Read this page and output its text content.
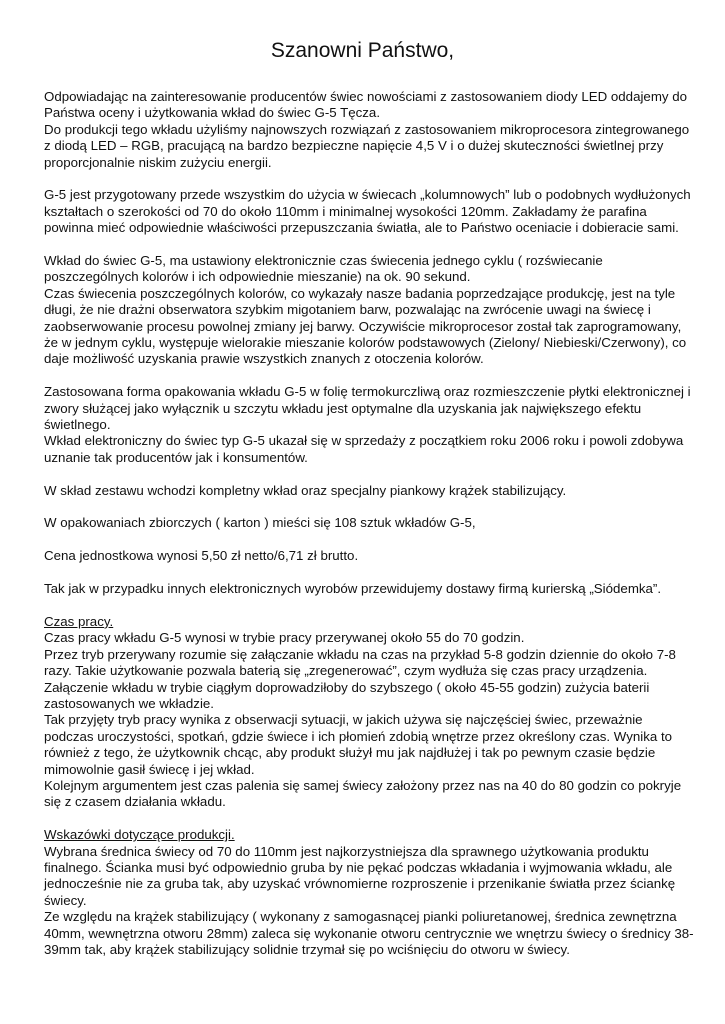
Szanowni Państwo,

Odpowiadając na zainteresowanie producentów świec nowościami z zastosowaniem diody LED oddajemy do Państwa oceny i użytkowania wkład do świec G-5 Tęcza.
Do produkcji tego wkładu użyliśmy najnowszych rozwiązań z zastosowaniem mikroprocesora zintegrowanego z diodą LED – RGB, pracującą na bardzo bezpieczne napięcie 4,5 V i o dużej skuteczności świetlnej przy proporcjonalnie niskim zużyciu energii.

G-5 jest przygotowany przede wszystkim do użycia w świecach „kolumnowych” lub o podobnych wydłużonych kształtach o szerokości od 70 do około 110mm i minimalnej wysokości 120mm. Zakładamy że parafina powinna mieć odpowiednie właściwości przepuszczania światła, ale to Państwo oceniacie i dobieracie sami.

Wkład do świec G-5, ma ustawiony elektronicznie czas świecenia jednego cyklu ( rozświecanie poszczególnych kolorów i ich odpowiednie mieszanie) na ok. 90 sekund.
Czas świecenia poszczególnych kolorów, co wykazały nasze badania poprzedzające produkcję, jest na tyle długi, że nie drażni obserwatora szybkim migotaniem barw, pozwalając na zwrócenie uwagi na świecę i zaobserwowanie procesu powolnej zmiany jej barwy. Oczywiście mikroprocesor został tak zaprogramowany, że w jednym cyklu, występuje wielorakie mieszanie kolorów podstawowych (Zielony/ Niebieski/Czerwony), co daje możliwość uzyskania prawie wszystkich znanych z otoczenia kolorów.

Zastosowana forma opakowania wkładu G-5 w folię termokurczliwą oraz rozmieszczenie płytki elektronicznej i zwory służącej jako wyłącznik u szczytu wkładu jest optymalne dla uzyskania jak największego efektu świetlnego.
Wkład elektroniczny do świec typ G-5 ukazał się w sprzedaży z początkiem roku 2006 roku i powoli zdobywa uznanie tak producentów jak i konsumentów.

W skład zestawu wchodzi kompletny wkład oraz specjalny piankowy krążek stabilizujący.

W opakowaniach zbiorczych ( karton ) mieści się 108 sztuk wkładów G-5,

Cena jednostkowa wynosi 5,50 zł netto/6,71 zł brutto.

Tak jak w przypadku innych elektronicznych wyrobów przewidujemy dostawy firmą kurierską „Siódemka”.

Czas pracy.

Czas pracy wkładu G-5 wynosi w trybie pracy przerywanej około 55 do 70 godzin.
Przez tryb przerywany rozumie się załączanie wkładu na czas na przykład 5-8 godzin dziennie do około 7-8 razy. Takie użytkowanie pozwala baterią się „zregenerować”, czym wydłuża się czas pracy urządzenia.
Załączenie wkładu w trybie ciągłym doprowadziłoby do szybszego ( około 45-55 godzin) zużycia baterii zastosowanych we wkładzie.
Tak przyjęty tryb pracy wynika z obserwacji sytuacji, w jakich używa się najczęściej świec, przeważnie podczas uroczystości, spotkań, gdzie świece i ich płomień zdobią wnętrze przez określony czas. Wynika to również z tego, że użytkownik chcąc, aby produkt służył mu jak najdłużej i tak po pewnym czasie będzie mimowolnie gasił świecę i jej wkład.
Kolejnym argumentem jest czas palenia się samej świecy założony przez nas na 40 do 80 godzin co pokryje się z czasem działania wkładu.

Wskazówki dotyczące produkcji.

Wybrana średnica świecy od 70 do 110mm jest najkorzystniejsza dla sprawnego użytkowania produktu finalnego. Ścianka musi być odpowiednio gruba by nie pękać podczas wkładania i wyjmowania wkładu, ale jednocześnie nie za gruba tak, aby uzyskać vrównomierne rozproszenie i przenikanie światła przez ściankę świecy.
Ze względu na krążek stabilizujący ( wykonany z samogasnącej pianki poliuretanowej, średnica zewnętrzna 40mm, wewnętrzna otworu 28mm) zaleca się wykonanie otworu centrycznie we wnętrzu świecy o średnicy 38-39mm tak, aby krążek stabilizujący solidnie trzymał się po wciśnięciu do otworu w świecy.
